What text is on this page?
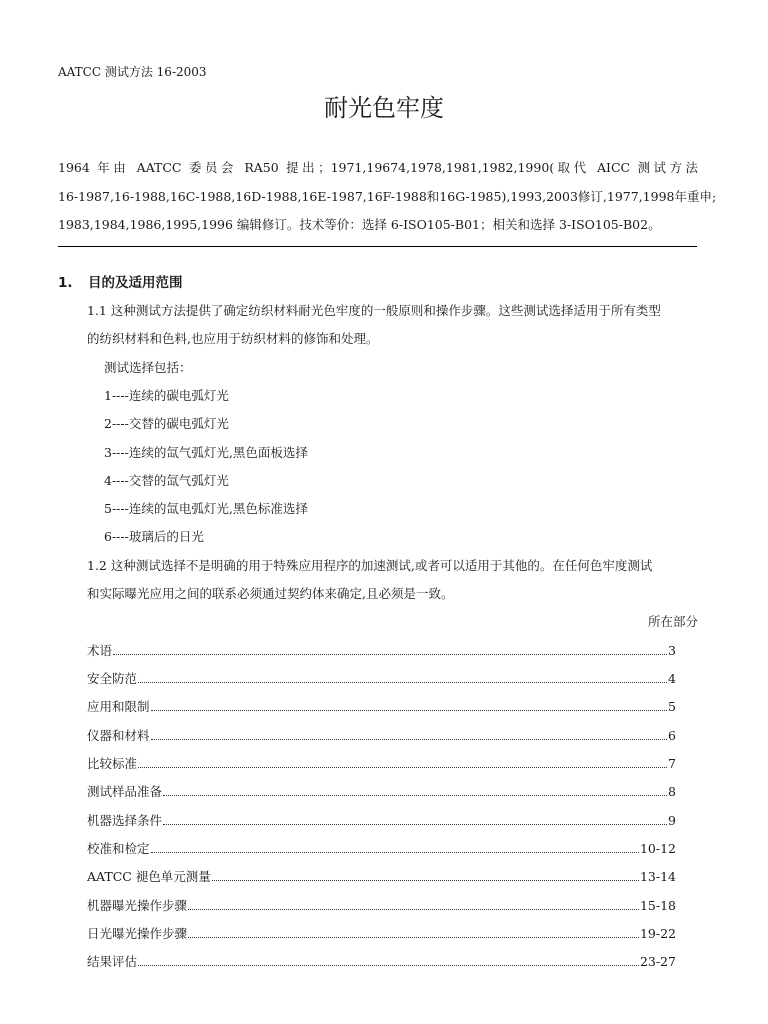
AATCC 测试方法 16-2003
耐光色牢度
1964 年由 AATCC 委员会 RA50 提出；1971,19674,1978,1981,1982,1990(取代 AICC 测试方法
16-1987,16-1988,16C-1988,16D-1988,16E-1987,16F-1988和16G-1985),1993,2003修订,1977,1998年重申;
1983,1984,1986,1995,1996 编辑修订。技术等价：选择 6-ISO105-B01；相关和选择 3-ISO105-B02。
1. 目的及适用范围
1.1 这种测试方法提供了确定纺织材料耐光色牢度的一般原则和操作步骤。这些测试选择适用于所有类型
的纺织材料和色料,也应用于纺织材料的修饰和处理。
测试选择包括：
1----连续的碳电弧灯光
2----交替的碳电弧灯光
3----连续的氙气弧灯光,黑色面板选择
4----交替的氙气弧灯光
5----连续的氙电弧灯光,黑色标准选择
6----玻璃后的日光
1.2 这种测试选择不是明确的用于特殊应用程序的加速测试,或者可以适用于其他的。在任何色牢度测试
和实际曝光应用之间的联系必须通过契约体来确定,且必须是一致。
所在部分
术语	3
安全防范	4
应用和限制	5
仪器和材料	6
比较标准	7
测试样品准备	8
机器选择条件	9
校准和检定	10-12
AATCC 褪色单元测量	13-14
机器曝光操作步骤	15-18
日光曝光操作步骤	19-22
结果评估	23-27
